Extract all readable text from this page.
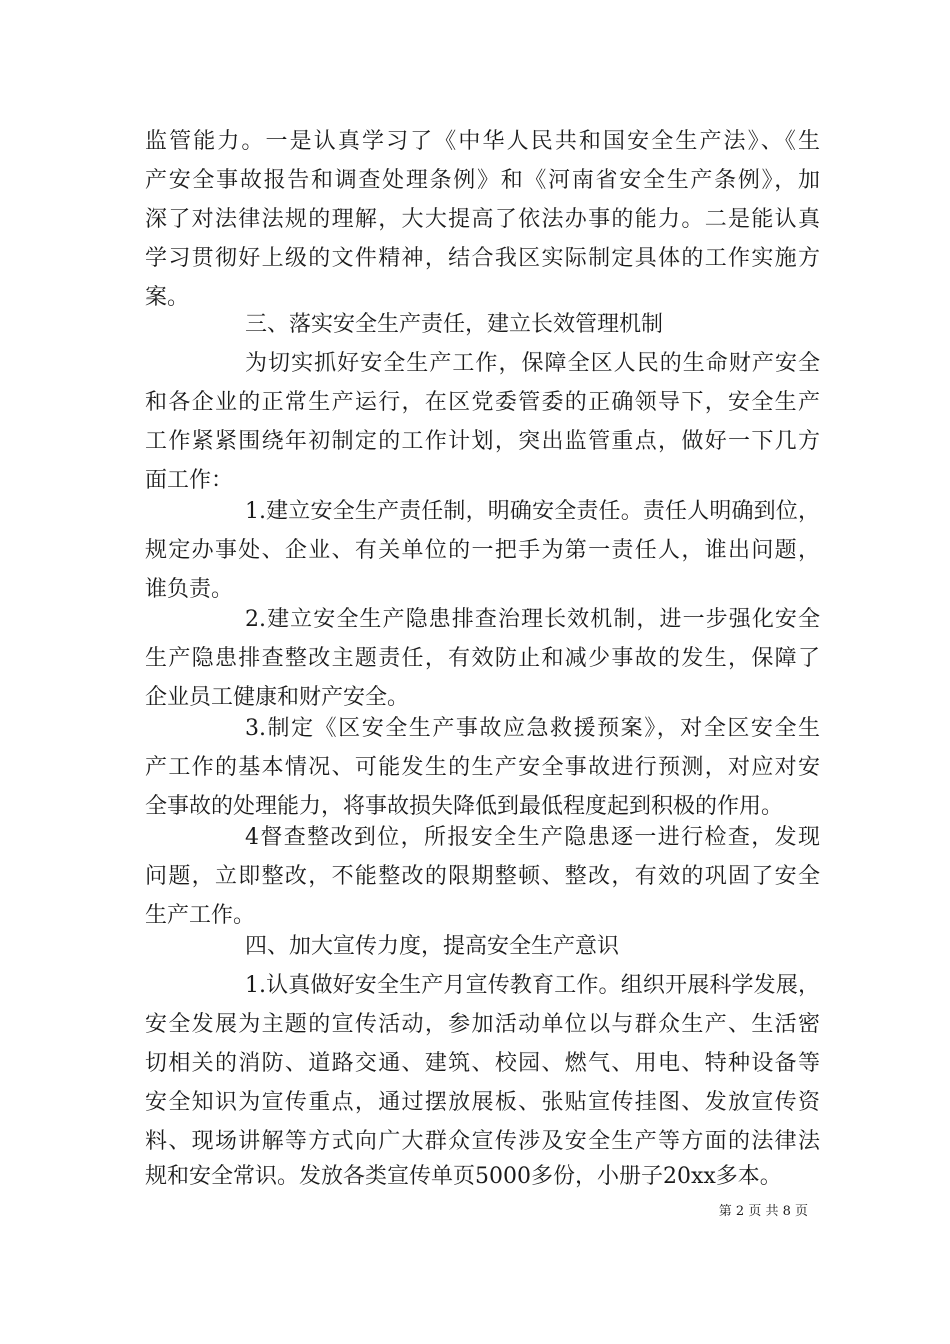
监管能力。一是认真学习了《中华人民共和国安全生产法》、《生
产安全事故报告和调查处理条例》和《河南省安全生产条例》，加
深了对法律法规的理解，大大提高了依法办事的能力。二是能认真
学习贯彻好上级的文件精神，结合我区实际制定具体的工作实施方
案。
三、落实安全生产责任，建立长效管理机制
为切实抓好安全生产工作，保障全区人民的生命财产安全
和各企业的正常生产运行，在区党委管委的正确领导下，安全生产
工作紧紧围绕年初制定的工作计划，突出监管重点，做好一下几方
面工作：
1.建立安全生产责任制，明确安全责任。责任人明确到位，
规定办事处、企业、有关单位的一把手为第一责任人，谁出问题，
谁负责。
2.建立安全生产隐患排查治理长效机制，进一步强化安全
生产隐患排查整改主题责任，有效防止和减少事故的发生，保障了
企业员工健康和财产安全。
3.制定《区安全生产事故应急救援预案》，对全区安全生
产工作的基本情况、可能发生的生产安全事故进行预测，对应对安
全事故的处理能力，将事故损失降低到最低程度起到积极的作用。
4督查整改到位，所报安全生产隐患逐一进行检查，发现
问题，立即整改，不能整改的限期整顿、整改，有效的巩固了安全
生产工作。
四、加大宣传力度，提高安全生产意识
1.认真做好安全生产月宣传教育工作。组织开展科学发展，
安全发展为主题的宣传活动，参加活动单位以与群众生产、生活密
切相关的消防、道路交通、建筑、校园、燃气、用电、特种设备等
安全知识为宣传重点，通过摆放展板、张贴宣传挂图、发放宣传资
料、现场讲解等方式向广大群众宣传涉及安全生产等方面的法律法
规和安全常识。发放各类宣传单页5000多份，小册子20xx多本。
第 2 页 共 8 页
